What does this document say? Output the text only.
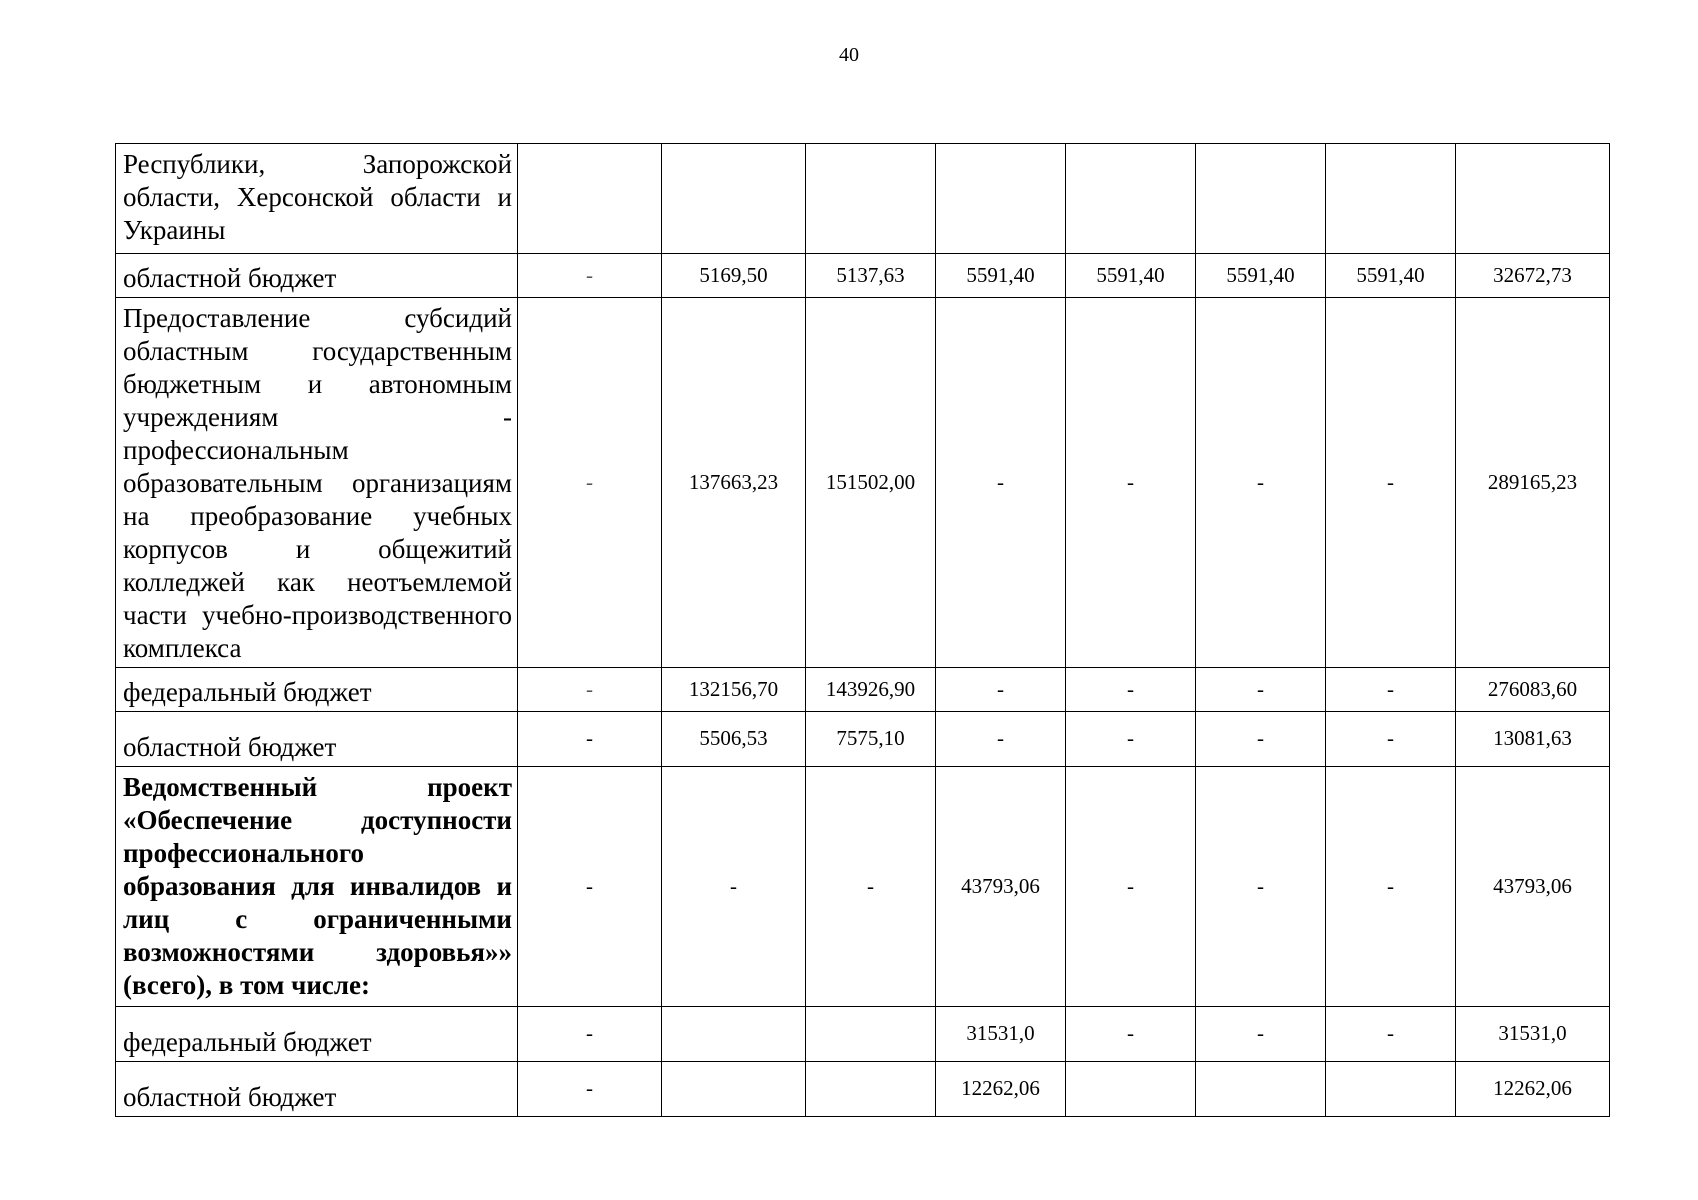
40
Республики, Запорожской области, Херсонской области и Украины								
областной бюджет	-	5169,50	5137,63	5591,40	5591,40	5591,40	5591,40	32672,73
Предоставление субсидий областным государственным бюджетным и автономным учреждениям - профессиональным образовательным организациям на преобразование учебных корпусов и общежитий колледжей как неотъемлемой части учебно-производственного комплекса	-	137663,23	151502,00	-	-	-	-	289165,23
федеральный бюджет	-	132156,70	143926,90	-	-	-	-	276083,60
областной бюджет	-	5506,53	7575,10	-	-	-	-	13081,63
Ведомственный проект «Обеспечение доступности профессионального образования для инвалидов и лиц с ограниченными возможностями здоровья»» (всего), в том числе:	-	-	-	43793,06	-	-	-	43793,06
федеральный бюджет	-			31531,0	-	-	-	31531,0
областной бюджет	-			12262,06				12262,06
